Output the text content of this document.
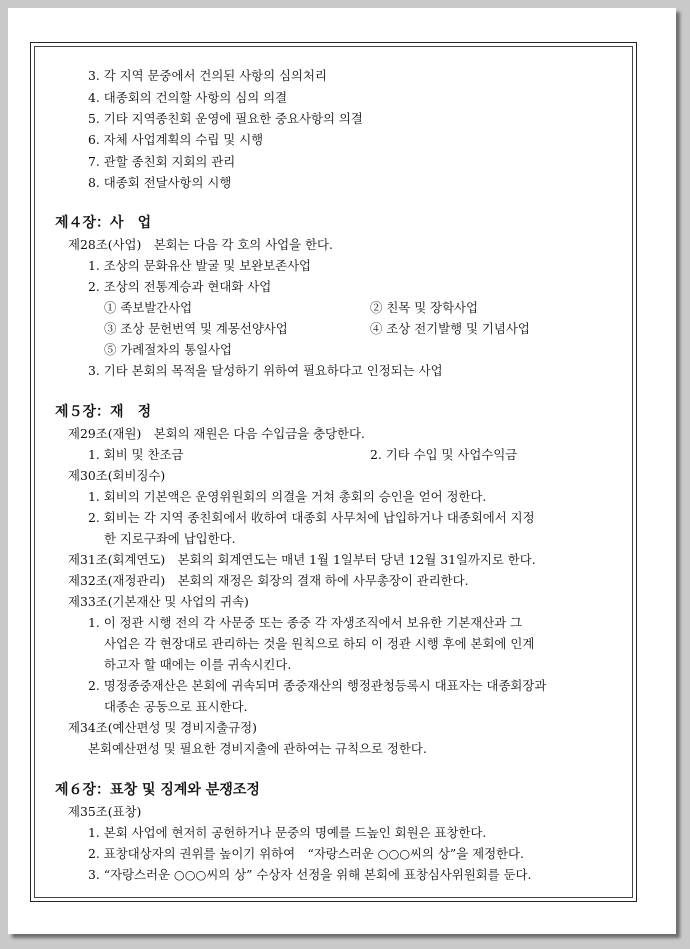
3. 각 지역 문중에서 건의된 사항의 심의처리
4. 대종회의 건의할 사항의 심의 의결
5. 기타 지역종친회 운영에 필요한 중요사항의 의결
6. 자체 사업계획의 수립 및 시행
7. 관할 종친회 지회의 관리
8. 대종회 전달사항의 시행
제４장：사　업
제28조(사업)　본회는 다음 각 호의 사업을 한다.
1. 조상의 문화유산 발굴 및 보완보존사업
2. 조상의 전통계승과 현대화 사업
① 족보발간사업	② 친목 및 장학사업
③ 조상 문헌번역 및 계몽선양사업	④ 조상 전기발행 및 기념사업
⑤ 가례절차의 통일사업
3. 기타 본회의 목적을 달성하기 위하여 필요하다고 인정되는 사업
제５장：재　정
제29조(재원)　본회의 재원은 다음 수입금을 충당한다.
1. 회비 및 찬조금	2. 기타 수입 및 사업수익금
제30조(회비징수)
1. 회비의 기본액은 운영위원회의 의결을 거쳐 총회의 승인을 얻어 정한다.
2. 회비는 각 지역 종친회에서 收하여 대종회 사무처에 납입하거나 대종회에서 지정
한 지로구좌에 납입한다.
제31조(회계연도)　본회의 회계연도는 매년 1월 1일부터 당년 12월 31일까지로 한다.
제32조(재정관리)　본회의 재정은 회장의 결재 하에 사무총장이 관리한다.
제33조(기본재산 및 사업의 귀속)
1. 이 정관 시행 전의 각 사문중 또는 종중 각 자생조직에서 보유한 기본재산과 그
사업은 각 현장대로 관리하는 것을 원칙으로 하되 이 정관 시행 후에 본회에 인계
하고자 할 때에는 이를 귀속시킨다.
2. 명정종중재산은 본회에 귀속되며 종중재산의 행정관청등록시 대표자는 대종회장과
대종손 공동으로 표시한다.
제34조(예산편성 및 경비지출규정)
본회예산편성 및 필요한 경비지출에 관하여는 규칙으로 정한다.
제６장：표창 및 징계와 분쟁조정
제35조(표창)
1. 본회 사업에 현저히 공헌하거나 문중의 명예를 드높인 회원은 표창한다.
2. 표창대상자의 권위를 높이기 위하여　“자랑스러운 ○○○씨의 상”을 제정한다.
3. “자랑스러운 ○○○씨의 상” 수상자 선정을 위해 본회에 표창심사위원회를 둔다.
